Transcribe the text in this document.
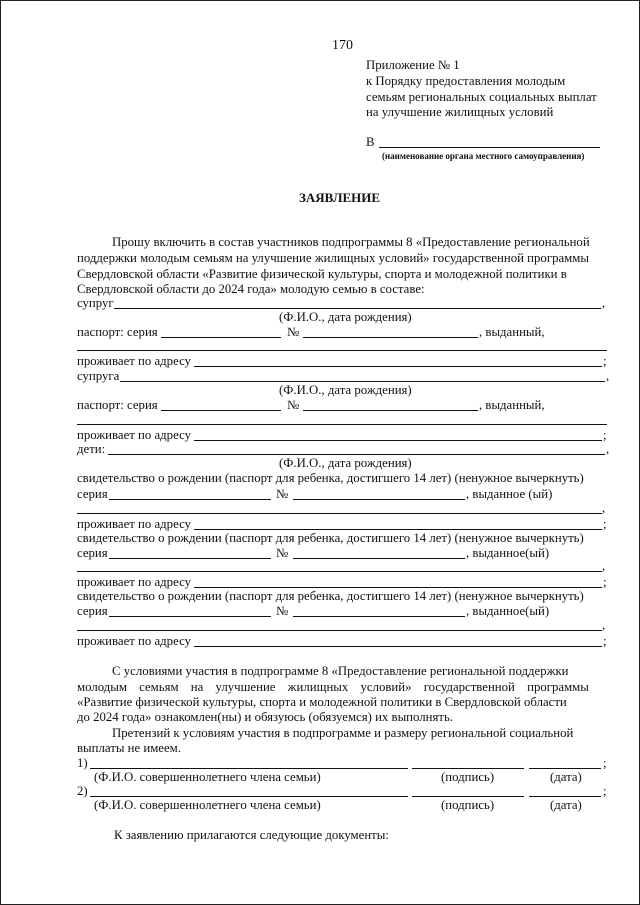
170
Приложение № 1
к Порядку предоставления молодым
семьям региональных социальных выплат
на улучшение жилищных условий
В
(наименование органа местного самоуправления)
ЗАЯВЛЕНИЕ
Прошу включить в состав участников подпрограммы 8 «Предоставление региональной
поддержки молодым семьям на улучшение жилищных условий» государственной программы
Свердловской области «Развитие физической культуры, спорта и молодежной политики в
Свердловской области до 2024 года» молодую семью в составе:
супруг	,
(Ф.И.О., дата рождения)
паспорт: серия	№	, выданный,
проживает по адресу	;
супруга	,
(Ф.И.О., дата рождения)
паспорт: серия	№	, выданный,
проживает по адресу	;
дети:	,
(Ф.И.О., дата рождения)
свидетельство о рождении (паспорт для ребенка, достигшего 14 лет) (ненужное вычеркнуть)
серия	№	, выданное (ый)
,
проживает по адресу	;
свидетельство о рождении (паспорт для ребенка, достигшего 14 лет) (ненужное вычеркнуть)
серия	№	, выданное(ый)
,
проживает по адресу	;
свидетельство о рождении (паспорт для ребенка, достигшего 14 лет) (ненужное вычеркнуть)
серия	№	, выданное(ый)
,
проживает по адресу	;
С условиями участия в подпрограмме 8 «Предоставление региональной поддержки
молодым семьям на улучшение жилищных условий» государственной программы
«Развитие физической культуры, спорта и молодежной политики в Свердловской области
до 2024 года» ознакомлен(ны) и обязуюсь (обязуемся) их выполнять.
Претензий к условиям участия в подпрограмме и размеру региональной социальной
выплаты не имеем.
1)	;
(Ф.И.О. совершеннолетнего члена семьи)	(подпись)	(дата)
2)	;
(Ф.И.О. совершеннолетнего члена семьи)	(подпись)	(дата)
К заявлению прилагаются следующие документы:
